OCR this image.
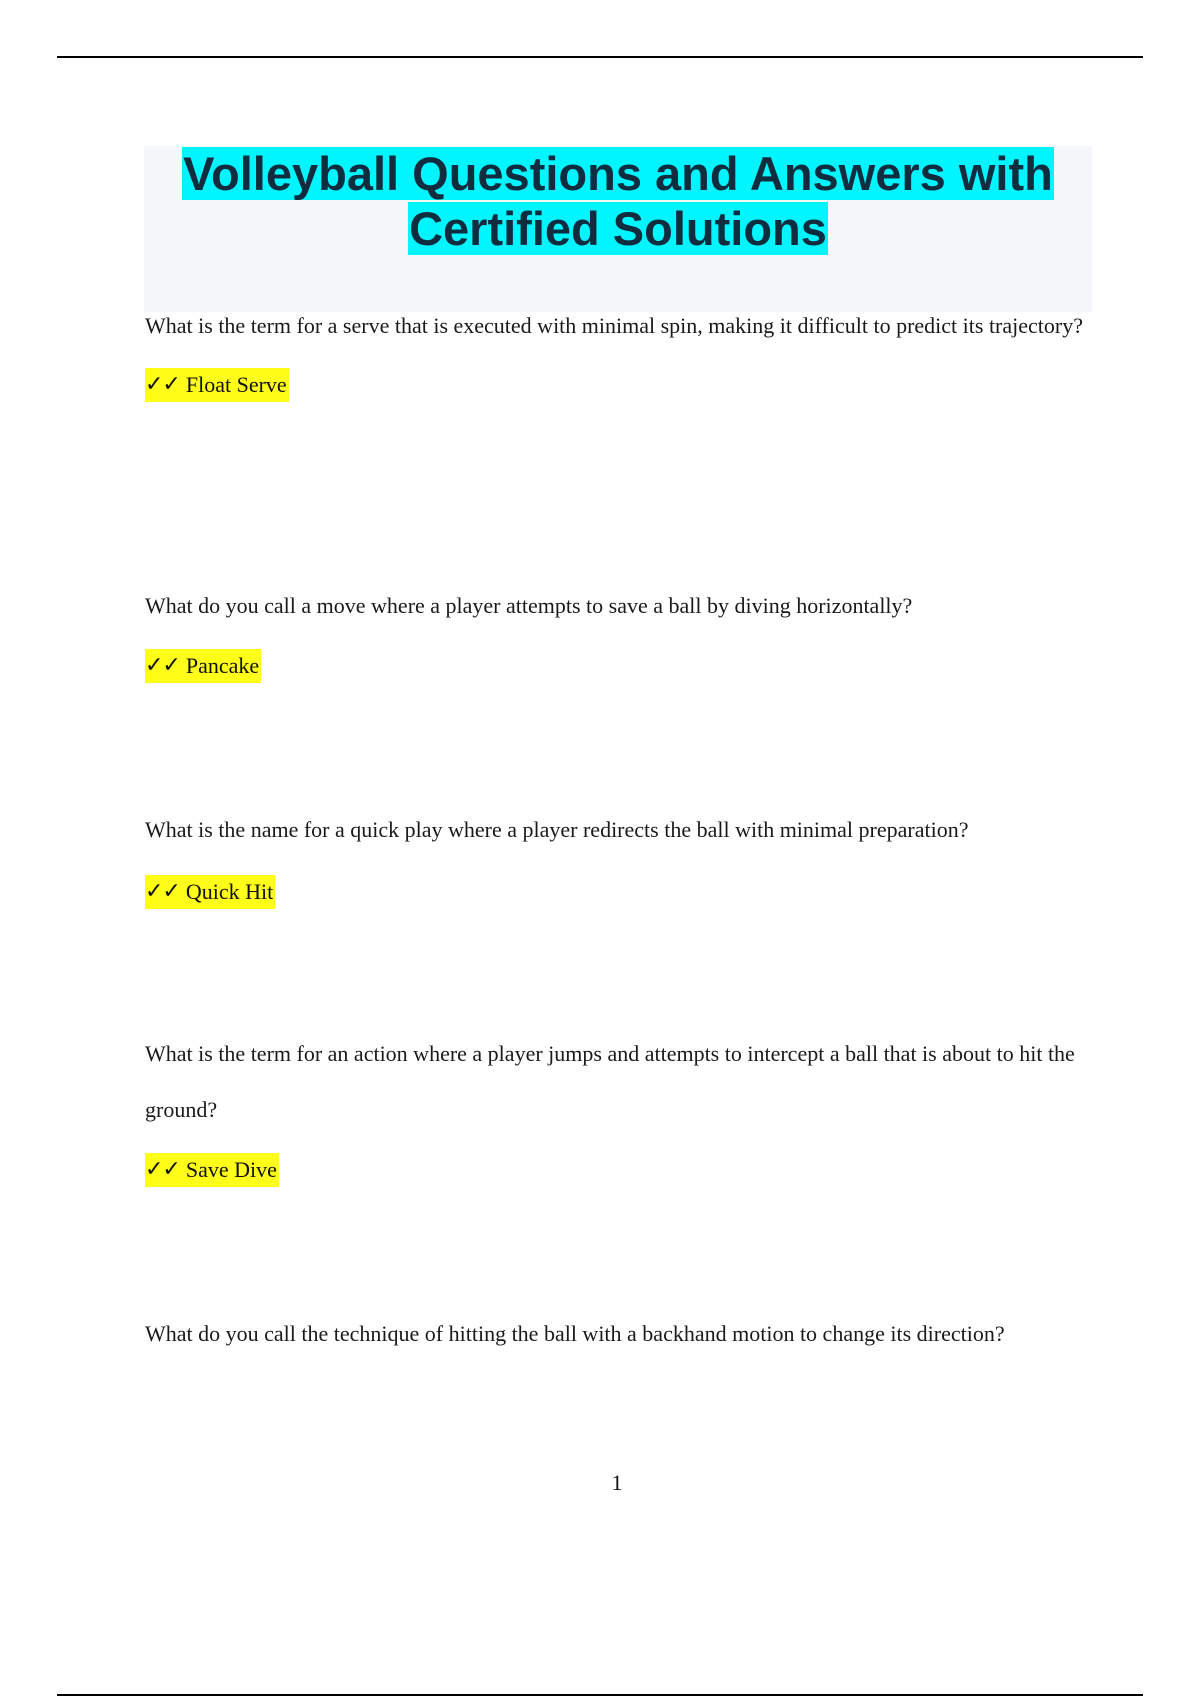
Volleyball Questions and Answers with
Certified Solutions

What is the term for a serve that is executed with minimal spin, making it difficult to predict its trajectory?

✓✓ Float Serve

What do you call a move where a player attempts to save a ball by diving horizontally?

✓✓ Pancake

What is the name for a quick play where a player redirects the ball with minimal preparation?

✓✓ Quick Hit

What is the term for an action where a player jumps and attempts to intercept a ball that is about to hit the ground?

✓✓ Save Dive

What do you call the technique of hitting the ball with a backhand motion to change its direction?

1
